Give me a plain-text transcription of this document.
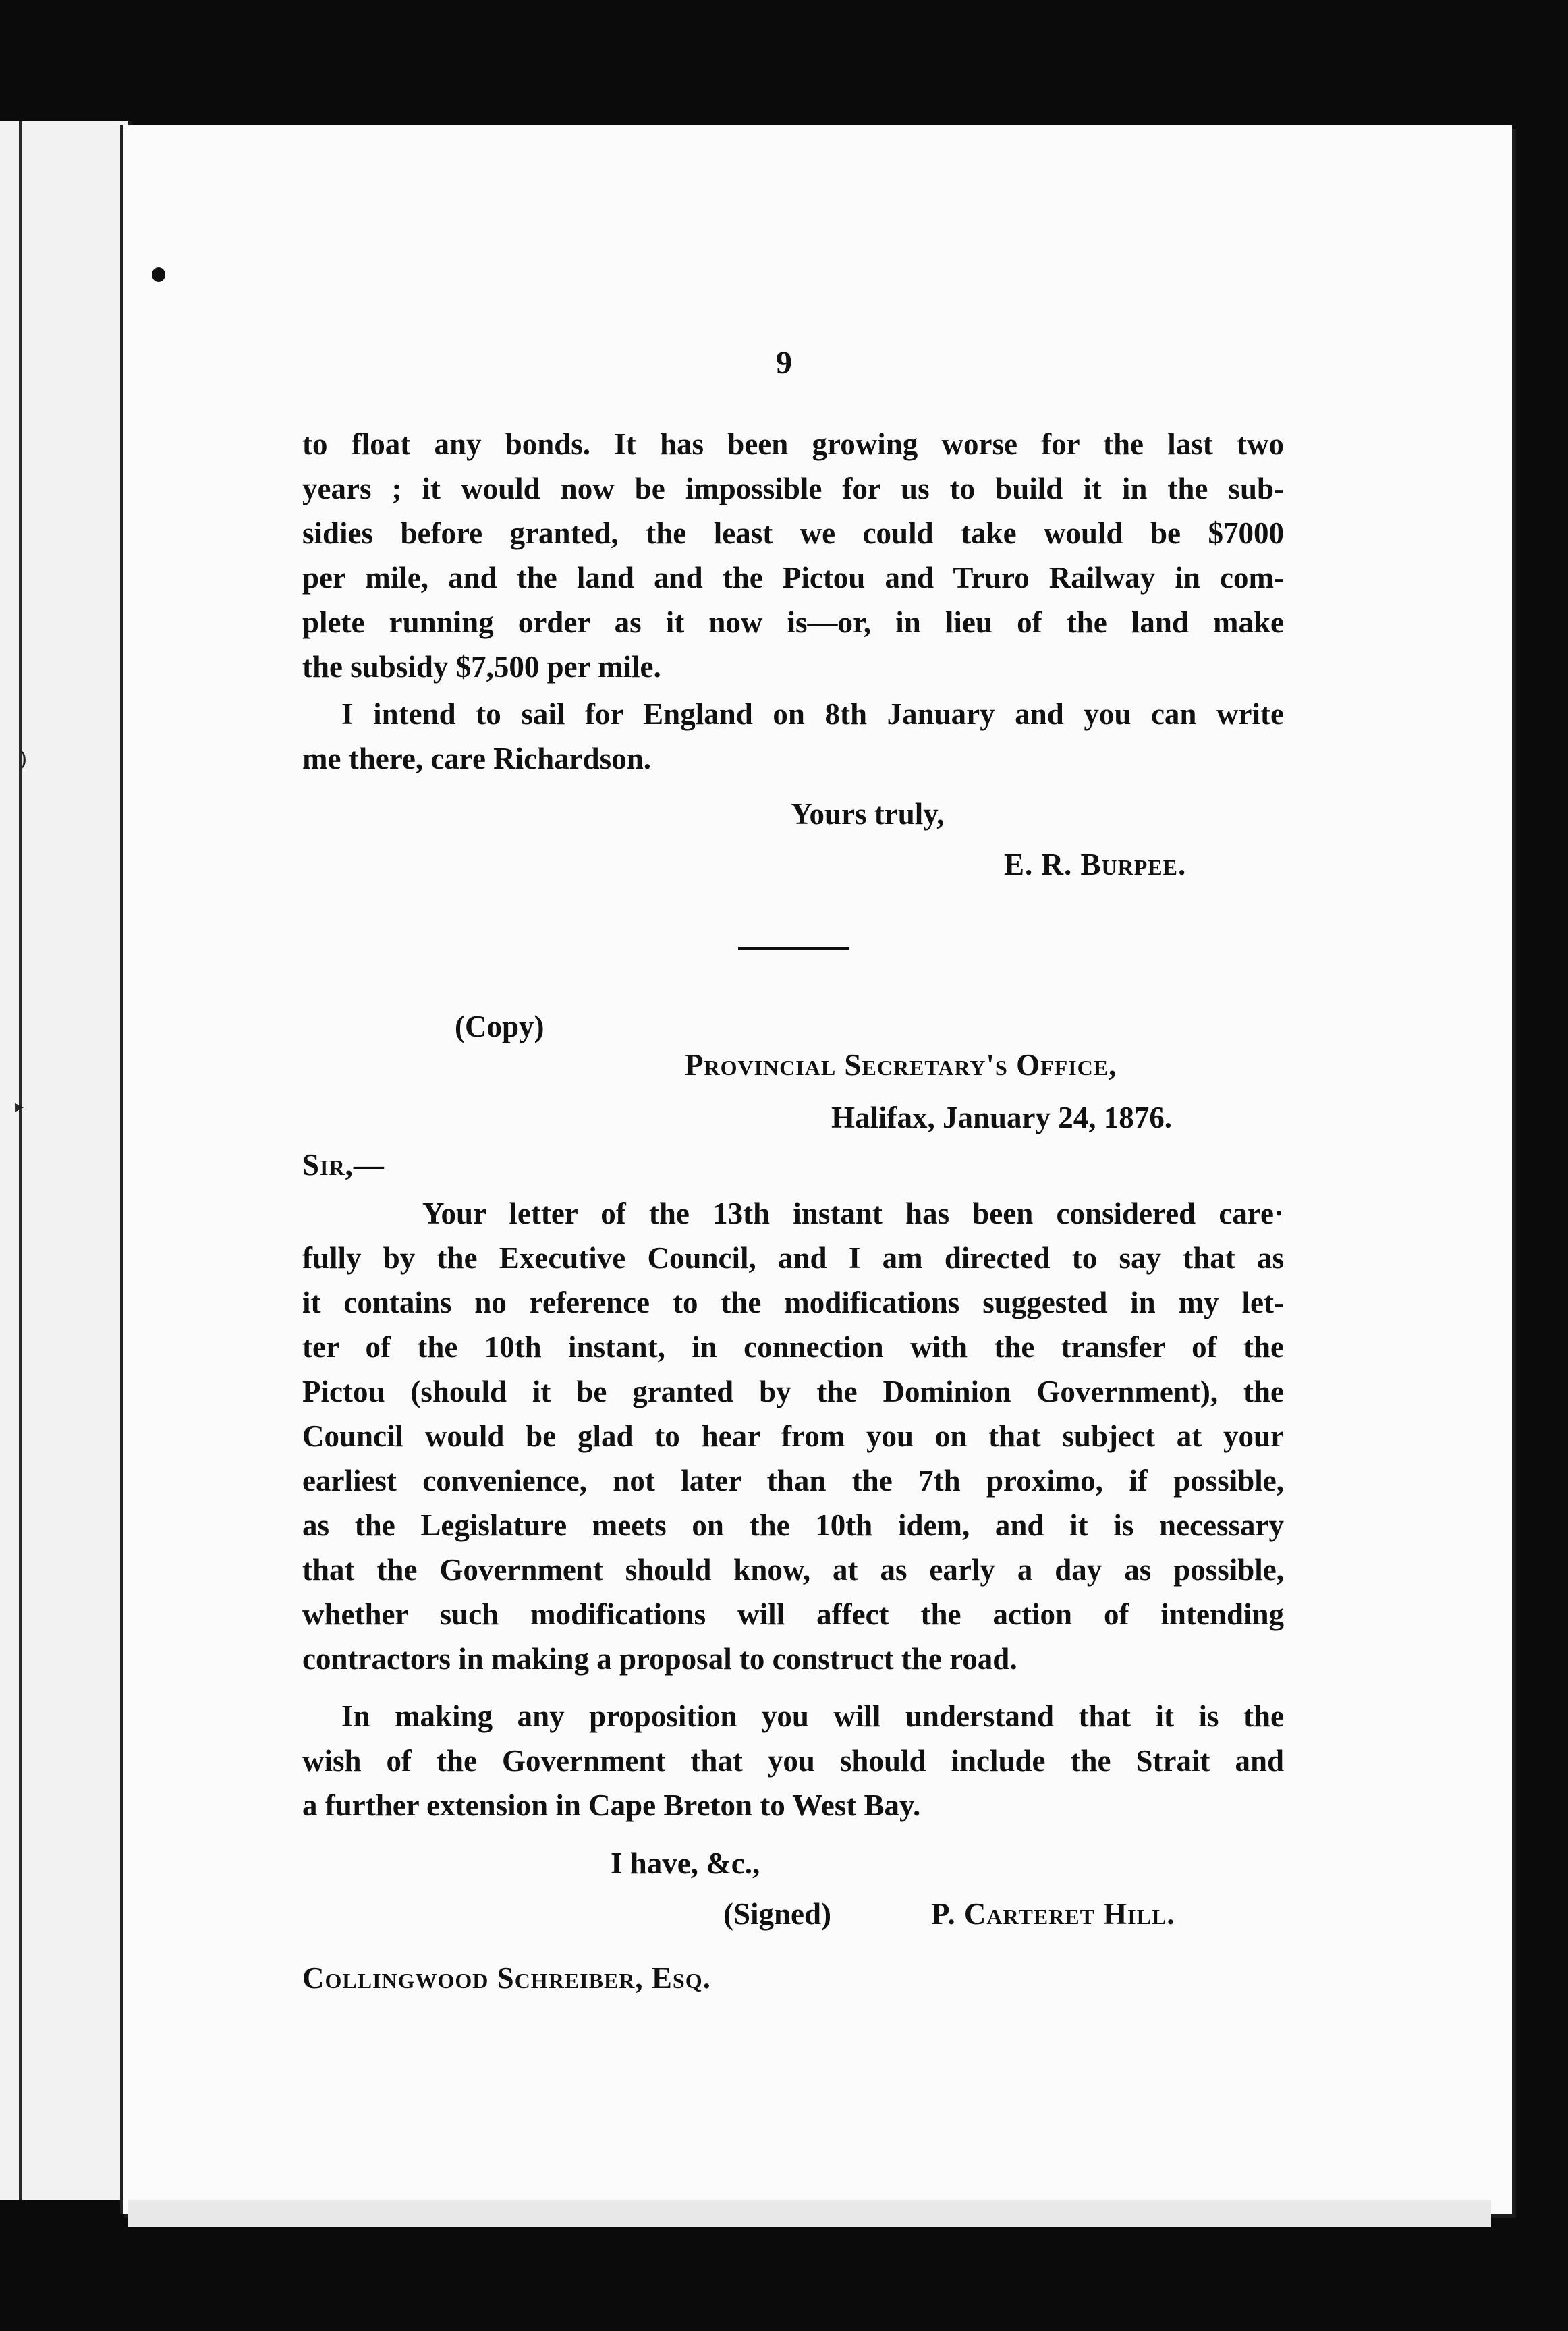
)
▸
9
to float any bonds. It has been growing worse for the last two
years ; it would now be impossible for us to build it in the sub-
sidies before granted, the least we could take would be $7000
per mile, and the land and the Pictou and Truro Railway in com-
plete running order as it now is—or, in lieu of the land make
the subsidy $7,500 per mile.
I intend to sail for England on 8th January and you can write
me there, care Richardson.
Yours truly,
E. R. Burpee.
(Copy)
Provincial Secretary's Office,
Halifax, January 24, 1876.
Sir,—
Your letter of the 13th instant has been considered care·
fully by the Executive Council, and I am directed to say that as
it contains no reference to the modifications suggested in my let-
ter of the 10th instant, in connection with the transfer of the
Pictou (should it be granted by the Dominion Government), the
Council would be glad to hear from you on that subject at your
earliest convenience, not later than the 7th proximo, if possible,
as the Legislature meets on the 10th idem, and it is necessary
that the Government should know, at as early a day as possible,
whether such modifications will affect the action of intending
contractors in making a proposal to construct the road.
In making any proposition you will understand that it is the
wish of the Government that you should include the Strait and
a further extension in Cape Breton to West Bay.
I have, &c.,
(Signed)	P. Carteret Hill.
Collingwood Schreiber, Esq.
